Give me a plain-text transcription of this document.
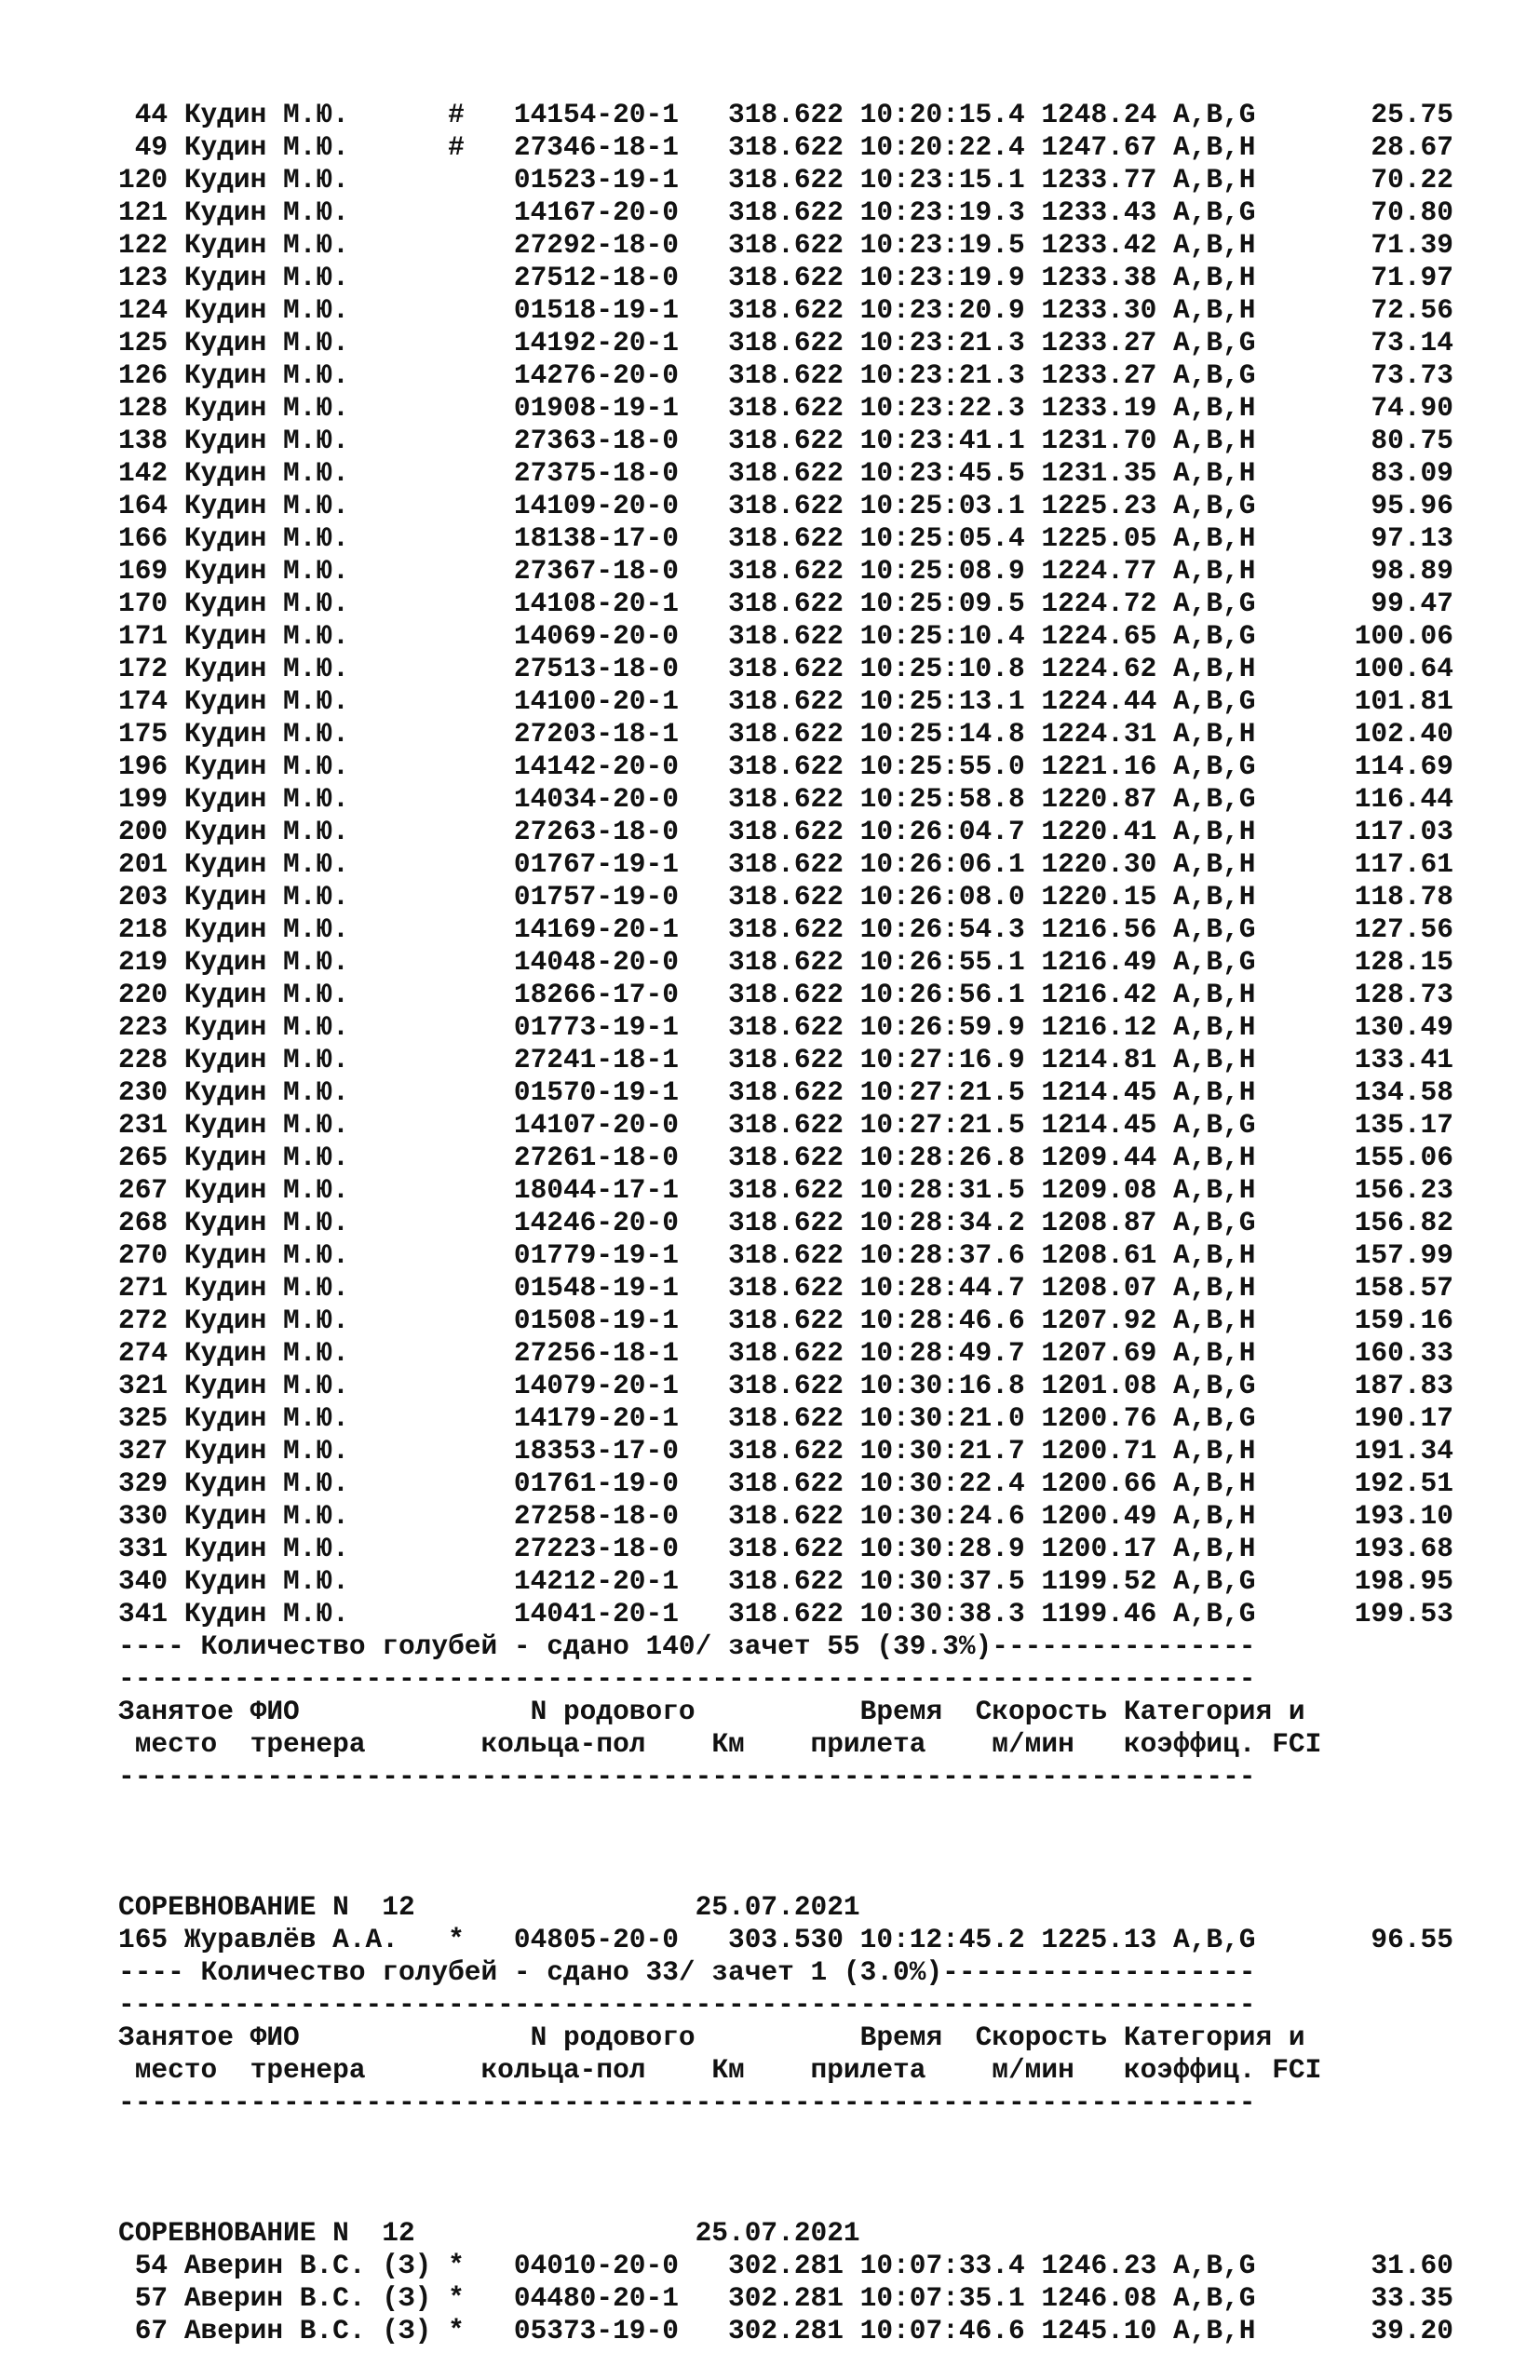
44 Кудин М.Ю.      # 14154-20-1   318.622 10:20:15.4 1248.24 A,B,G       25.75
49 Кудин М.Ю.      # 27346-18-1   318.622 10:20:22.4 1247.67 A,B,H       28.67
120 Кудин М.Ю.	01523-19-1   318.622 10:23:15.1 1233.77 A,B,H       70.22
121 Кудин М.Ю.	14167-20-0   318.622 10:23:19.3 1233.43 A,B,G       70.80
122 Кудин М.Ю.	27292-18-0   318.622 10:23:19.5 1233.42 A,B,H       71.39
123 Кудин М.Ю.	27512-18-0   318.622 10:23:19.9 1233.38 A,B,H       71.97
124 Кудин М.Ю.	01518-19-1   318.622 10:23:20.9 1233.30 A,B,H       72.56
125 Кудин М.Ю.	14192-20-1   318.622 10:23:21.3 1233.27 A,B,G       73.14
126 Кудин М.Ю.	14276-20-0   318.622 10:23:21.3 1233.27 A,B,G       73.73
128 Кудин М.Ю.	01908-19-1   318.622 10:23:22.3 1233.19 A,B,H       74.90
138 Кудин М.Ю.	27363-18-0   318.622 10:23:41.1 1231.70 A,B,H       80.75
142 Кудин М.Ю.	27375-18-0   318.622 10:23:45.5 1231.35 A,B,H       83.09
164 Кудин М.Ю.	14109-20-0   318.622 10:25:03.1 1225.23 A,B,G       95.96
166 Кудин М.Ю.	18138-17-0   318.622 10:25:05.4 1225.05 A,B,H       97.13
169 Кудин М.Ю.	27367-18-0   318.622 10:25:08.9 1224.77 A,B,H       98.89
170 Кудин М.Ю.	14108-20-1   318.622 10:25:09.5 1224.72 A,B,G       99.47
171 Кудин М.Ю.	14069-20-0   318.622 10:25:10.4 1224.65 A,B,G      100.06
172 Кудин М.Ю.	27513-18-0   318.622 10:25:10.8 1224.62 A,B,H      100.64
174 Кудин М.Ю.	14100-20-1   318.622 10:25:13.1 1224.44 A,B,G      101.81
175 Кудин М.Ю.	27203-18-1   318.622 10:25:14.8 1224.31 A,B,H      102.40
196 Кудин М.Ю.	14142-20-0   318.622 10:25:55.0 1221.16 A,B,G      114.69
199 Кудин М.Ю.	14034-20-0   318.622 10:25:58.8 1220.87 A,B,G      116.44
200 Кудин М.Ю.	27263-18-0   318.622 10:26:04.7 1220.41 A,B,H      117.03
201 Кудин М.Ю.	01767-19-1   318.622 10:26:06.1 1220.30 A,B,H      117.61
203 Кудин М.Ю.	01757-19-0   318.622 10:26:08.0 1220.15 A,B,H      118.78
218 Кудин М.Ю.	14169-20-1   318.622 10:26:54.3 1216.56 A,B,G      127.56
219 Кудин М.Ю.	14048-20-0   318.622 10:26:55.1 1216.49 A,B,G      128.15
220 Кудин М.Ю.	18266-17-0   318.622 10:26:56.1 1216.42 A,B,H      128.73
223 Кудин М.Ю.	01773-19-1   318.622 10:26:59.9 1216.12 A,B,H      130.49
228 Кудин М.Ю.	27241-18-1   318.622 10:27:16.9 1214.81 A,B,H      133.41
230 Кудин М.Ю.	01570-19-1   318.622 10:27:21.5 1214.45 A,B,H      134.58
231 Кудин М.Ю.	14107-20-0   318.622 10:27:21.5 1214.45 A,B,G      135.17
265 Кудин М.Ю.	27261-18-0   318.622 10:28:26.8 1209.44 A,B,H      155.06
267 Кудин М.Ю.	18044-17-1   318.622 10:28:31.5 1209.08 A,B,H      156.23
268 Кудин М.Ю.	14246-20-0   318.622 10:28:34.2 1208.87 A,B,G      156.82
270 Кудин М.Ю.	01779-19-1   318.622 10:28:37.6 1208.61 A,B,H      157.99
271 Кудин М.Ю.	01548-19-1   318.622 10:28:44.7 1208.07 A,B,H      158.57
272 Кудин М.Ю.	01508-19-1   318.622 10:28:46.6 1207.92 A,B,H      159.16
274 Кудин М.Ю.	27256-18-1   318.622 10:28:49.7 1207.69 A,B,H      160.33
321 Кудин М.Ю.	14079-20-1   318.622 10:30:16.8 1201.08 A,B,G      187.83
325 Кудин М.Ю.	14179-20-1   318.622 10:30:21.0 1200.76 A,B,G      190.17
327 Кудин М.Ю.	18353-17-0   318.622 10:30:21.7 1200.71 A,B,H      191.34
329 Кудин М.Ю.	01761-19-0   318.622 10:30:22.4 1200.66 A,B,H      192.51
330 Кудин М.Ю.	27258-18-0   318.622 10:30:24.6 1200.49 A,B,H      193.10
331 Кудин М.Ю.	27223-18-0   318.622 10:30:28.9 1200.17 A,B,H      193.68
340 Кудин М.Ю.	14212-20-1   318.622 10:30:37.5 1199.52 A,B,G      198.95
341 Кудин М.Ю.	14041-20-1   318.622 10:30:38.3 1199.46 A,B,G      199.53
---- Количество голубей - сдано 140/ зачет 55 (39.3%)----------------
---------------------------------------------------------------------
Занятое ФИО              N родового          Время Скорость Категория и
место  тренера       кольца-пол    Км    прилета    м/мин   коэффиц. FCI
---------------------------------------------------------------------

СОРЕВНОВАНИЕ N  12                 25.07.2021
165 Журавлёв А.А.   * 04805-20-0   303.530 10:12:45.2 1225.13 A,B,G       96.55
---- Количество голубей - сдано 33/ зачет 1 (3.0%)-------------------
---------------------------------------------------------------------
Занятое ФИО              N родового          Время Скорость Категория и
место  тренера       кольца-пол    Км    прилета    м/мин   коэффиц. FCI
---------------------------------------------------------------------

СОРЕВНОВАНИЕ N  12                 25.07.2021
54 Аверин В.С. (З) * 04010-20-0   302.281 10:07:33.4 1246.23 A,B,G       31.60
57 Аверин В.С. (З) * 04480-20-1   302.281 10:07:35.1 1246.08 A,B,G       33.35
67 Аверин В.С. (З) * 05373-19-0   302.281 10:07:46.6 1245.10 A,B,H       39.20
